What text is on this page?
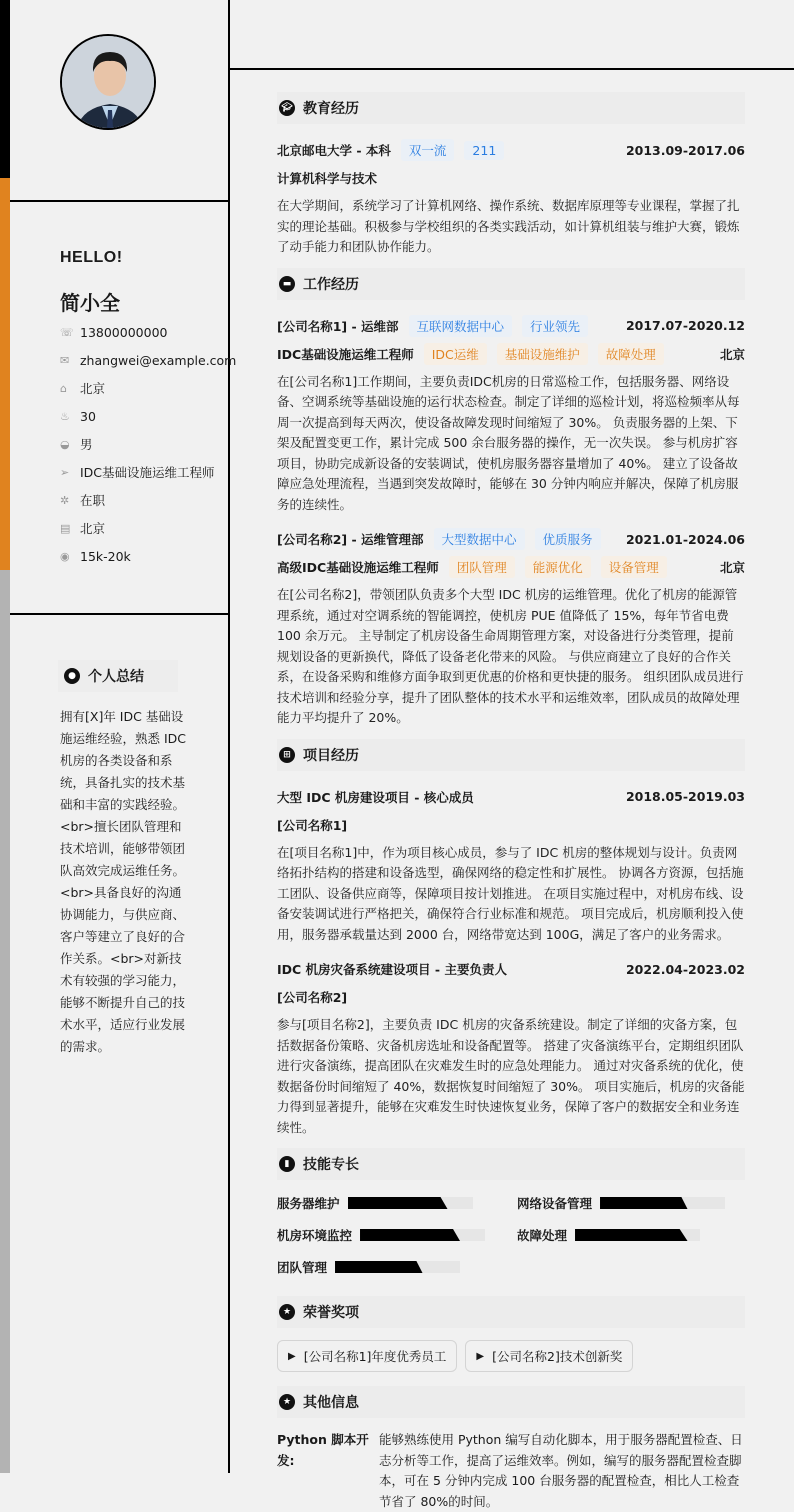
HELLO!
简小全
☏ 13800000000
✉ zhangwei@example.com
⌂	北京
♨ 30
◒ 男
➢ IDC基础设施运维工程师
✲ 在职
▤ 北京
◉ 15k-20k
● 个人总结
拥有[X]年 IDC 基础设施运维经验，熟悉 IDC 机房的各类设备和系统，具备扎实的技术基础和丰富的实践经验。<br>擅长团队管理和技术培训，能够带领团队高效完成运维任务。<br>具备良好的沟通协调能力，与供应商、客户等建立了良好的合作关系。<br>对新技术有较强的学习能力，能够不断提升自己的技术水平，适应行业发展的需求。
🎓︎ 教育经历
北京邮电大学 - 本科	双一流	211	2013.09-2017.06
计算机科学与技术
在大学期间，系统学习了计算机网络、操作系统、数据库原理等专业课程，掌握了扎实的理论基础。积极参与学校组织的各类实践活动，如计算机组装与维护大赛，锻炼了动手能力和团队协作能力。
▬ 工作经历
[公司名称1] - 运维部	互联网数据中心	行业领先	2017.07-2020.12
IDC基础设施运维工程师	IDC运维	基础设施维护	故障处理	北京
在[公司名称1]工作期间，主要负责IDC机房的日常巡检工作，包括服务器、网络设备、空调系统等基础设施的运行状态检查。制定了详细的巡检计划，将巡检频率从每周一次提高到每天两次，使设备故障发现时间缩短了 30%。 负责服务器的上架、下架及配置变更工作，累计完成 500 余台服务器的操作，无一次失误。 参与机房扩容项目，协助完成新设备的安装调试，使机房服务器容量增加了 40%。 建立了设备故障应急处理流程，当遇到突发故障时，能够在 30 分钟内响应并解决，保障了机房服务的连续性。
[公司名称2] - 运维管理部	大型数据中心	优质服务	2021.01-2024.06
高级IDC基础设施运维工程师	团队管理	能源优化	设备管理	北京
在[公司名称2]，带领团队负责多个大型 IDC 机房的运维管理。优化了机房的能源管理系统，通过对空调系统的智能调控，使机房 PUE 值降低了 15%，每年节省电费 100 余万元。 主导制定了机房设备生命周期管理方案，对设备进行分类管理，提前规划设备的更新换代，降低了设备老化带来的风险。 与供应商建立了良好的合作关系，在设备采购和维修方面争取到更优惠的价格和更快捷的服务。 组织团队成员进行技术培训和经验分享，提升了团队整体的技术水平和运维效率，团队成员的故障处理能力平均提升了 20%。
⊞ 项目经历
大型 IDC 机房建设项目 - 核心成员	2018.05-2019.03
[公司名称1]
在[项目名称1]中，作为项目核心成员，参与了 IDC 机房的整体规划与设计。负责网络拓扑结构的搭建和设备选型，确保网络的稳定性和扩展性。 协调各方资源，包括施工团队、设备供应商等，保障项目按计划推进。 在项目实施过程中，对机房布线、设备安装调试进行严格把关，确保符合行业标准和规范。 项目完成后，机房顺利投入使用，服务器承载量达到 2000 台，网络带宽达到 100G，满足了客户的业务需求。
IDC 机房灾备系统建设项目 - 主要负责人	2022.04-2023.02
[公司名称2]
参与[项目名称2]，主要负责 IDC 机房的灾备系统建设。制定了详细的灾备方案，包括数据备份策略、灾备机房选址和设备配置等。 搭建了灾备演练平台，定期组织团队进行灾备演练，提高团队在灾难发生时的应急处理能力。 通过对灾备系统的优化，使数据备份时间缩短了 40%，数据恢复时间缩短了 30%。 项目实施后，机房的灾备能力得到显著提升，能够在灾难发生时快速恢复业务，保障了客户的数据安全和业务连续性。
▮ 技能专长
服务器维护	网络设备管理
机房环境监控	故障处理
团队管理
★ 荣誉奖项
▶ [公司名称1]年度优秀员工	▶ [公司名称2]技术创新奖
★ 其他信息
Python 脚本开发:
能够熟练使用 Python 编写自动化脚本，用于服务器配置检查、日志分析等工作，提高了运维效率。例如，编写的服务器配置检查脚本，可在 5 分钟内完成 100 台服务器的配置检查，相比人工检查节省了 80%的时间。
